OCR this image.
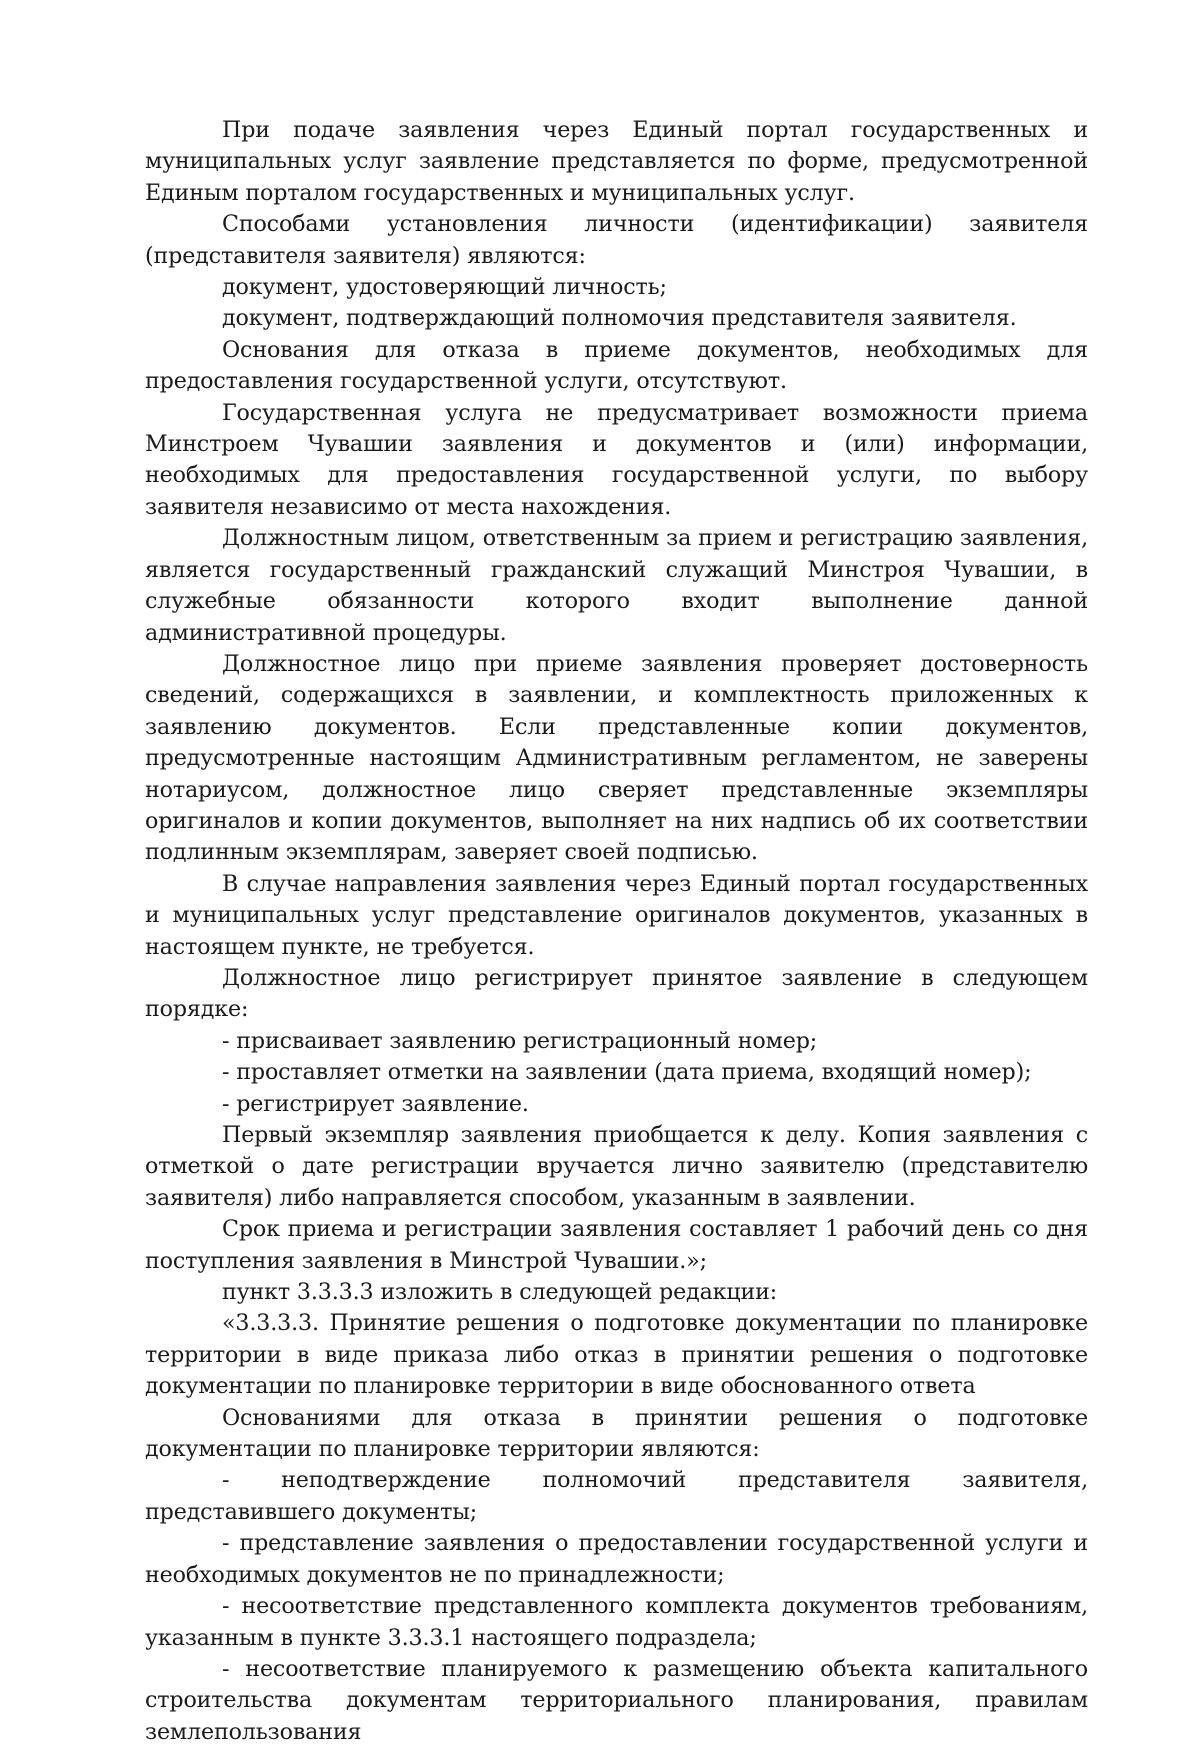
При подаче заявления через Единый портал государственных и муниципальных услуг заявление представляется по форме, предусмотренной Единым порталом государственных и муниципальных услуг.

Способами установления личности (идентификации) заявителя (представителя заявителя) являются:

документ, удостоверяющий личность;

документ, подтверждающий полномочия представителя заявителя.

Основания для отказа в приеме документов, необходимых для предоставления государственной услуги, отсутствуют.

Государственная услуга не предусматривает возможности приема Минстроем Чувашии заявления и документов и (или) информации, необходимых для предоставления государственной услуги, по выбору заявителя независимо от места нахождения.

Должностным лицом, ответственным за прием и регистрацию заявления, является государственный гражданский служащий Минстроя Чувашии, в служебные обязанности которого входит выполнение данной административной процедуры.

Должностное лицо при приеме заявления проверяет достоверность сведений, содержащихся в заявлении, и комплектность приложенных к заявлению документов. Если представленные копии документов, предусмотренные настоящим Административным регламентом, не заверены нотариусом, должностное лицо сверяет представленные экземпляры оригиналов и копии документов, выполняет на них надпись об их соответствии подлинным экземплярам, заверяет своей подписью.

В случае направления заявления через Единый портал государственных и муниципальных услуг представление оригиналов документов, указанных в настоящем пункте, не требуется.

Должностное лицо регистрирует принятое заявление в следующем порядке:

- присваивает заявлению регистрационный номер;

- проставляет отметки на заявлении (дата приема, входящий номер);

- регистрирует заявление.

Первый экземпляр заявления приобщается к делу. Копия заявления с отметкой о дате регистрации вручается лично заявителю (представителю заявителя) либо направляется способом, указанным в заявлении.

Срок приема и регистрации заявления составляет 1 рабочий день со дня поступления заявления в Минстрой Чувашии.»;

пункт 3.3.3.3 изложить в следующей редакции:

«3.3.3.3. Принятие решения о подготовке документации по планировке территории в виде приказа либо отказ в принятии решения о подготовке документации по планировке территории в виде обоснованного ответа

Основаниями для отказа в принятии решения о подготовке документации по планировке территории являются:

- неподтверждение полномочий представителя заявителя, представившего документы;

- представление заявления о предоставлении государственной услуги и необходимых документов не по принадлежности;

- несоответствие представленного комплекта документов требованиям, указанным в пункте 3.3.3.1 настоящего подраздела;

- несоответствие планируемого к размещению объекта капитального строительства документам территориального планирования, правилам землепользования
